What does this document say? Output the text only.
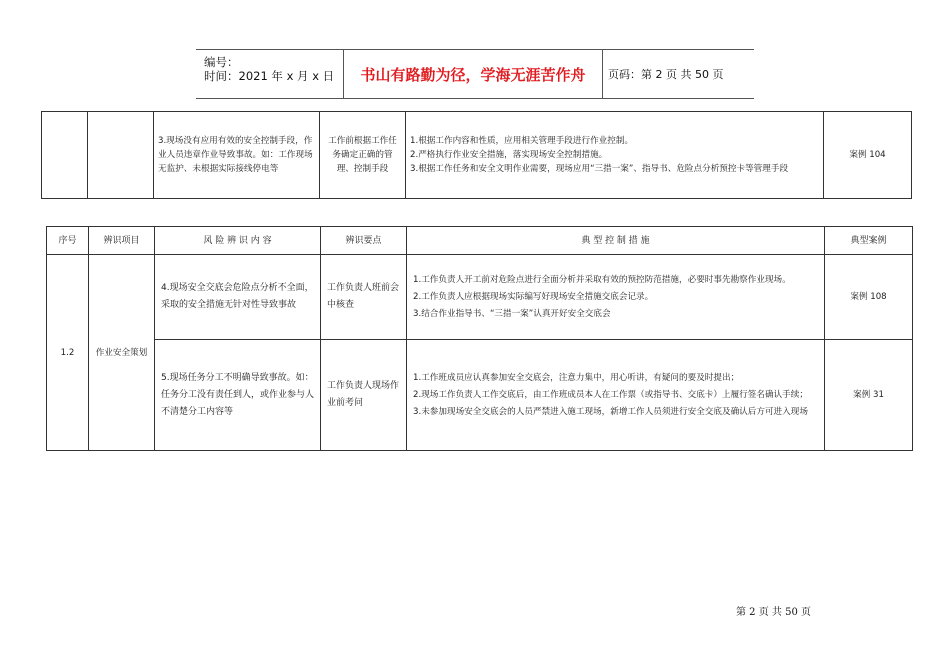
编号：
时间：2021 年 x 月 x 日 书山有路勤为径，学海无涯苦作舟	页码：第 2 页 共 50 页
		3.现场没有应用有效的安全控制手段，作业人员违章作业导致事故。如：工作现场无监护、未根据实际接线停电等	工作前根据工作任务确定正确的管理、控制手段	1.根据工作内容和性质，应用相关管理手段进行作业控制。
2.严格执行作业安全措施，落实现场安全控制措施。
3.根据工作任务和安全文明作业需要，现场应用“三措一案”、指导书、危险点分析预控卡等管理手段	案例 104
序号	辨识项目	风 险 辨 识 内 容	辨识要点	典 型 控 制 措 施	典型案例
1.2	作业安全策划	4.现场安全交底会危险点分析不全面，采取的安全措施无针对性导致事故	工作负责人班前会中核查	1.工作负责人开工前对危险点进行全面分析并采取有效的预控防范措施，必要时事先勘察作业现场。
2.工作负责人应根据现场实际编写好现场安全措施交底会记录。
3.结合作业指导书、“三措一案”认真开好安全交底会	案例 108
		5.现场任务分工不明确导致事故。如：任务分工没有责任到人，或作业参与人不清楚分工内容等	工作负责人现场作业前考问	1.工作班成员应认真参加安全交底会，注意力集中，用心听讲，有疑问的要及时提出；
2.现场工作负责人工作交底后，由工作班成员本人在工作票（或指导书、交底卡）上履行签名确认手续；
3.未参加现场安全交底会的人员严禁进入施工现场，新增工作人员须进行安全交底及确认后方可进入现场	案例 31
第 2 页 共 50 页
